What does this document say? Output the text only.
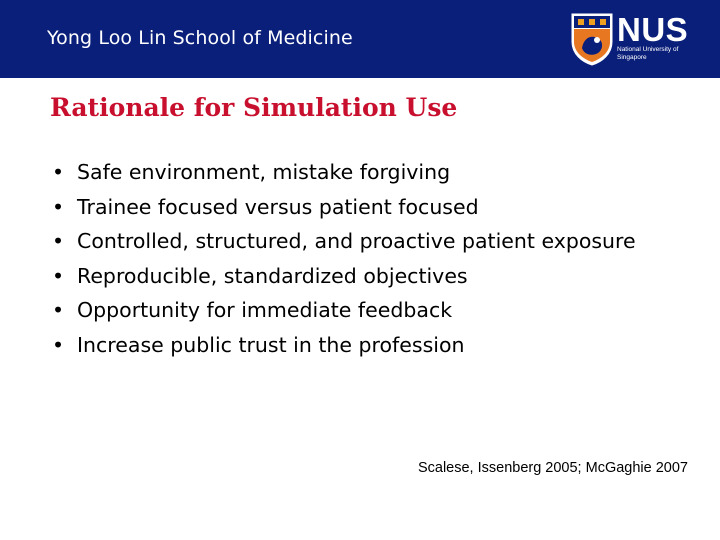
Yong Loo Lin School of Medicine	NUS
National University of Singapore
Rationale for Simulation Use
• Safe environment, mistake forgiving
• Trainee focused versus patient focused
• Controlled, structured, and proactive patient exposure
• Reproducible, standardized objectives
• Opportunity for immediate feedback
• Increase public trust in the profession
Scalese, Issenberg 2005; McGaghie 2007
